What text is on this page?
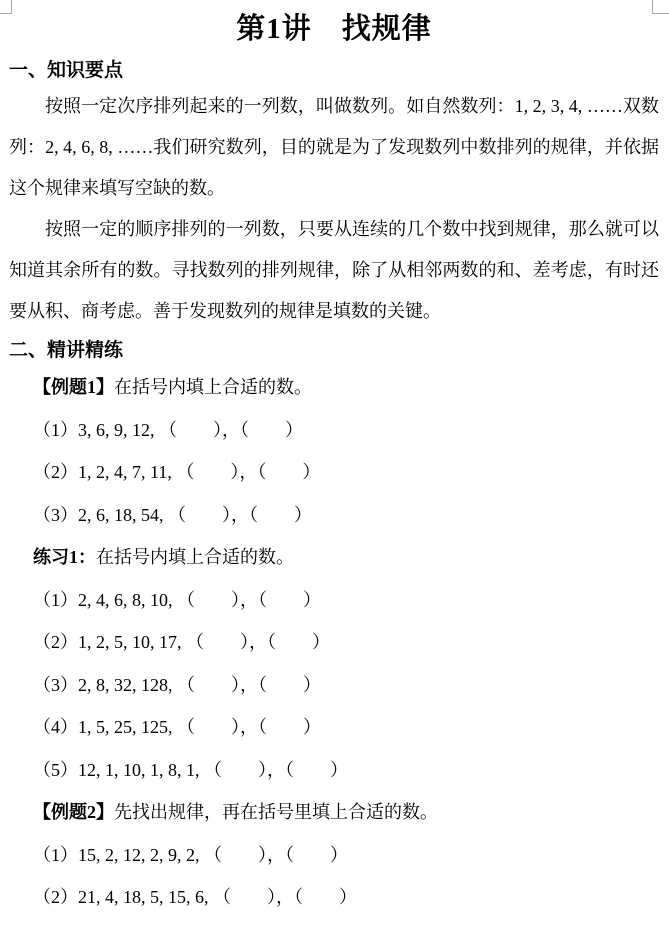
第1讲　找规律
一、知识要点

按照一定次序排列起来的一列数，叫做数列。如自然数列：1, 2, 3, 4, ……双数列：2, 4, 6, 8, ……我们研究数列，目的就是为了发现数列中数排列的规律，并依据这个规律来填写空缺的数。

按照一定的顺序排列的一列数，只要从连续的几个数中找到规律，那么就可以知道其余所有的数。寻找数列的排列规律，除了从相邻两数的和、差考虑，有时还要从积、商考虑。善于发现数列的规律是填数的关键。

二、精讲精练

【例题1】在括号内填上合适的数。

（1）3, 6, 9, 12, （　　），（　　）

（2）1, 2, 4, 7, 11, （　　），（　　）

（3）2, 6, 18, 54, （　　），（　　）

练习1：在括号内填上合适的数。

（1）2, 4, 6, 8, 10, （　　），（　　）

（2）1, 2, 5, 10, 17, （　　），（　　）

（3）2, 8, 32, 128, （　　），（　　）

（4）1, 5, 25, 125, （　　），（　　）

（5）12, 1, 10, 1, 8, 1, （　　），（　　）

【例题2】先找出规律，再在括号里填上合适的数。

（1）15, 2, 12, 2, 9, 2, （　　），（　　）

（2）21, 4, 18, 5, 15, 6, （　　），（　　）
